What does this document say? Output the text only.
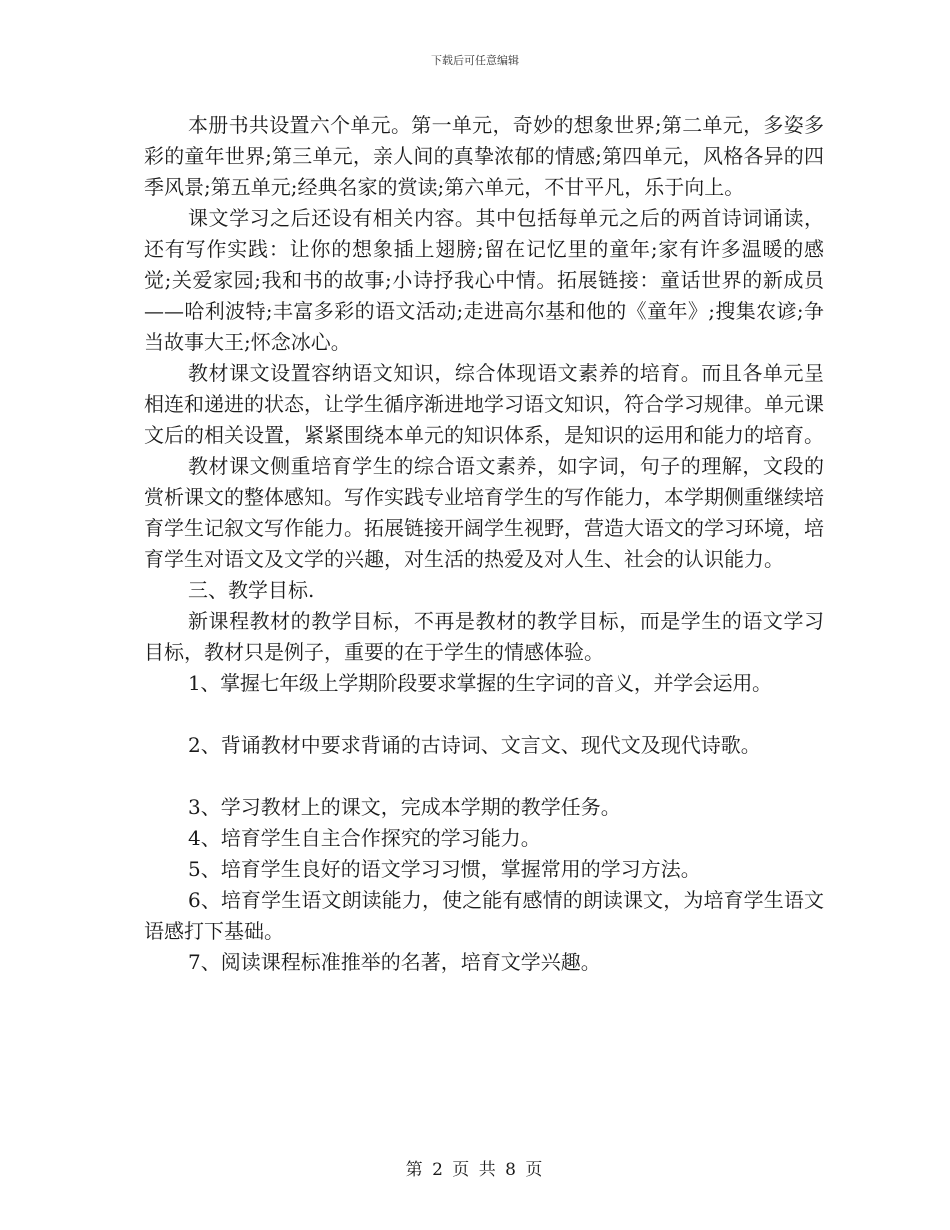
下载后可任意编辑

本册书共设置六个单元。第一单元，奇妙的想象世界;第二单元，多姿多彩的童年世界;第三单元，亲人间的真挚浓郁的情感;第四单元，风格各异的四季风景;第五单元;经典名家的赏读;第六单元，不甘平凡，乐于向上。

课文学习之后还设有相关内容。其中包括每单元之后的两首诗词诵读，还有写作实践：让你的想象插上翅膀;留在记忆里的童年;家有许多温暖的感觉;关爱家园;我和书的故事;小诗抒我心中情。拓展链接：童话世界的新成员——哈利波特;丰富多彩的语文活动;走进高尔基和他的《童年》;搜集农谚;争当故事大王;怀念冰心。

教材课文设置容纳语文知识，综合体现语文素养的培育。而且各单元呈相连和递进的状态，让学生循序渐进地学习语文知识，符合学习规律。单元课文后的相关设置，紧紧围绕本单元的知识体系，是知识的运用和能力的培育。

教材课文侧重培育学生的综合语文素养，如字词，句子的理解，文段的赏析课文的整体感知。写作实践专业培育学生的写作能力，本学期侧重继续培育学生记叙文写作能力。拓展链接开阔学生视野，营造大语文的学习环境，培育学生对语文及文学的兴趣，对生活的热爱及对人生、社会的认识能力。

三、教学目标.

新课程教材的教学目标，不再是教材的教学目标，而是学生的语文学习目标，教材只是例子，重要的在于学生的情感体验。

1、掌握七年级上学期阶段要求掌握的生字词的音义，并学会运用。

2、背诵教材中要求背诵的古诗词、文言文、现代文及现代诗歌。

3、学习教材上的课文，完成本学期的教学任务。

4、培育学生自主合作探究的学习能力。

5、培育学生良好的语文学习习惯，掌握常用的学习方法。

6、培育学生语文朗读能力，使之能有感情的朗读课文，为培育学生语文语感打下基础。

7、阅读课程标准推举的名著，培育文学兴趣。

第 2 页 共 8 页
